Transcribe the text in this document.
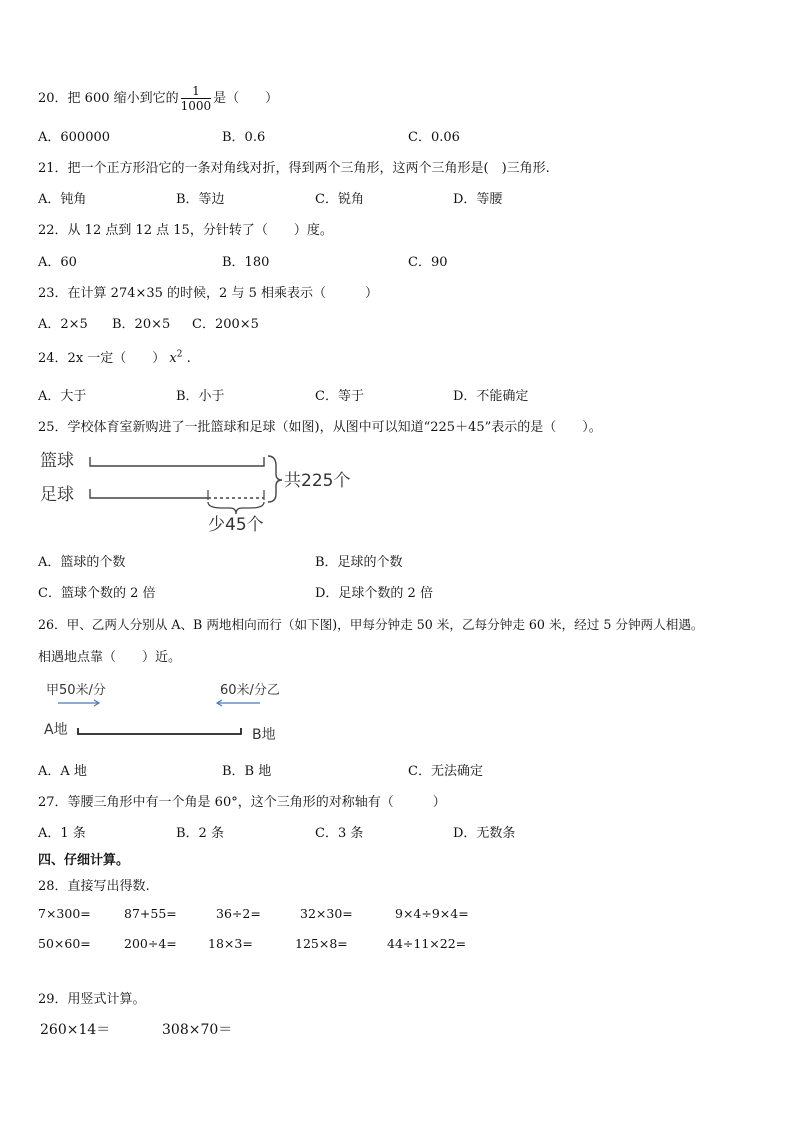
20．把 600 缩小到它的 $\frac{1}{1000}$ 是（　　）
A．600000	B．0.6	C．0.06
21．把一个正方形沿它的一条对角线对折，得到两个三角形，这两个三角形是(　)三角形.
A．钝角	B．等边	C．锐角	D．等腰
22．从 12 点到 12 点 15，分针转了（　　）度。
A．60	B．180	C．90
23．在计算 274×35 的时候，2 与 5 相乘表示（　　　）
A．2×5 B．20×5 C．200×5
24．2x 一定（　　） $x^2$ .
A．大于	B．小于	C．等于	D．不能确定
25．学校体育室新购进了一批篮球和足球（如图)，从图中可以知道“225＋45”表示的是（　　）。
篮球
足球
共225个
少45个
A．篮球的个数	B．足球的个数
C．篮球个数的 2 倍	D．足球个数的 2 倍
26．甲、乙两人分别从 A、B 两地相向而行（如下图)，甲每分钟走 50 米，乙每分钟走 60 米，经过 5 分钟两人相遇。
相遇地点靠（　　）近。
甲50米/分	60米/分乙
A地	B地
A．A 地	B．B 地	C．无法确定
27．等腰三角形中有一个角是 60°，这个三角形的对称轴有（　　　）
A．1 条	B．2 条	C．3 条	D．无数条
四、仔细计算。
28．直接写出得数.
7×300=	87+55=	36÷2=	32×30=	9×4÷9×4=
50×60=	200÷4= 18×3=	125×8=	44÷11×22=
29．用竖式计算。
260×14＝	308×70＝
